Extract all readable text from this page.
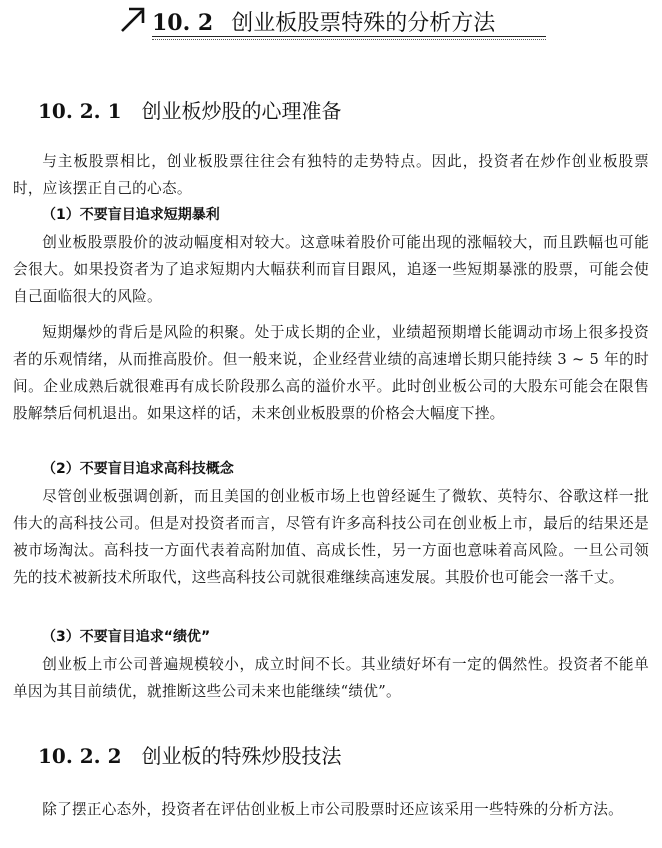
10. 2 创业板股票特殊的分析方法
10. 2. 1 创业板炒股的心理准备
与主板股票相比，创业板股票往往会有独特的走势特点。因此，投资者在炒作创业板股票时，应该摆正自己的心态。
（1）不要盲目追求短期暴利
创业板股票股价的波动幅度相对较大。这意味着股价可能出现的涨幅较大，而且跌幅也可能会很大。如果投资者为了追求短期内大幅获利而盲目跟风，追逐一些短期暴涨的股票，可能会使自己面临很大的风险。
短期爆炒的背后是风险的积聚。处于成长期的企业，业绩超预期增长能调动市场上很多投资者的乐观情绪，从而推高股价。但一般来说，企业经营业绩的高速增长期只能持续 3 ~ 5 年的时间。企业成熟后就很难再有成长阶段那么高的溢价水平。此时创业板公司的大股东可能会在限售股解禁后伺机退出。如果这样的话，未来创业板股票的价格会大幅度下挫。
（2）不要盲目追求高科技概念
尽管创业板强调创新，而且美国的创业板市场上也曾经诞生了微软、英特尔、谷歌这样一批伟大的高科技公司。但是对投资者而言，尽管有许多高科技公司在创业板上市，最后的结果还是被市场淘汰。高科技一方面代表着高附加值、高成长性，另一方面也意味着高风险。一旦公司领先的技术被新技术所取代，这些高科技公司就很难继续高速发展。其股价也可能会一落千丈。
（3）不要盲目追求“绩优”
创业板上市公司普遍规模较小，成立时间不长。其业绩好坏有一定的偶然性。投资者不能单单因为其目前绩优，就推断这些公司未来也能继续“绩优”。
10. 2. 2 创业板的特殊炒股技法
除了摆正心态外，投资者在评估创业板上市公司股票时还应该采用一些特殊的分析方法。
